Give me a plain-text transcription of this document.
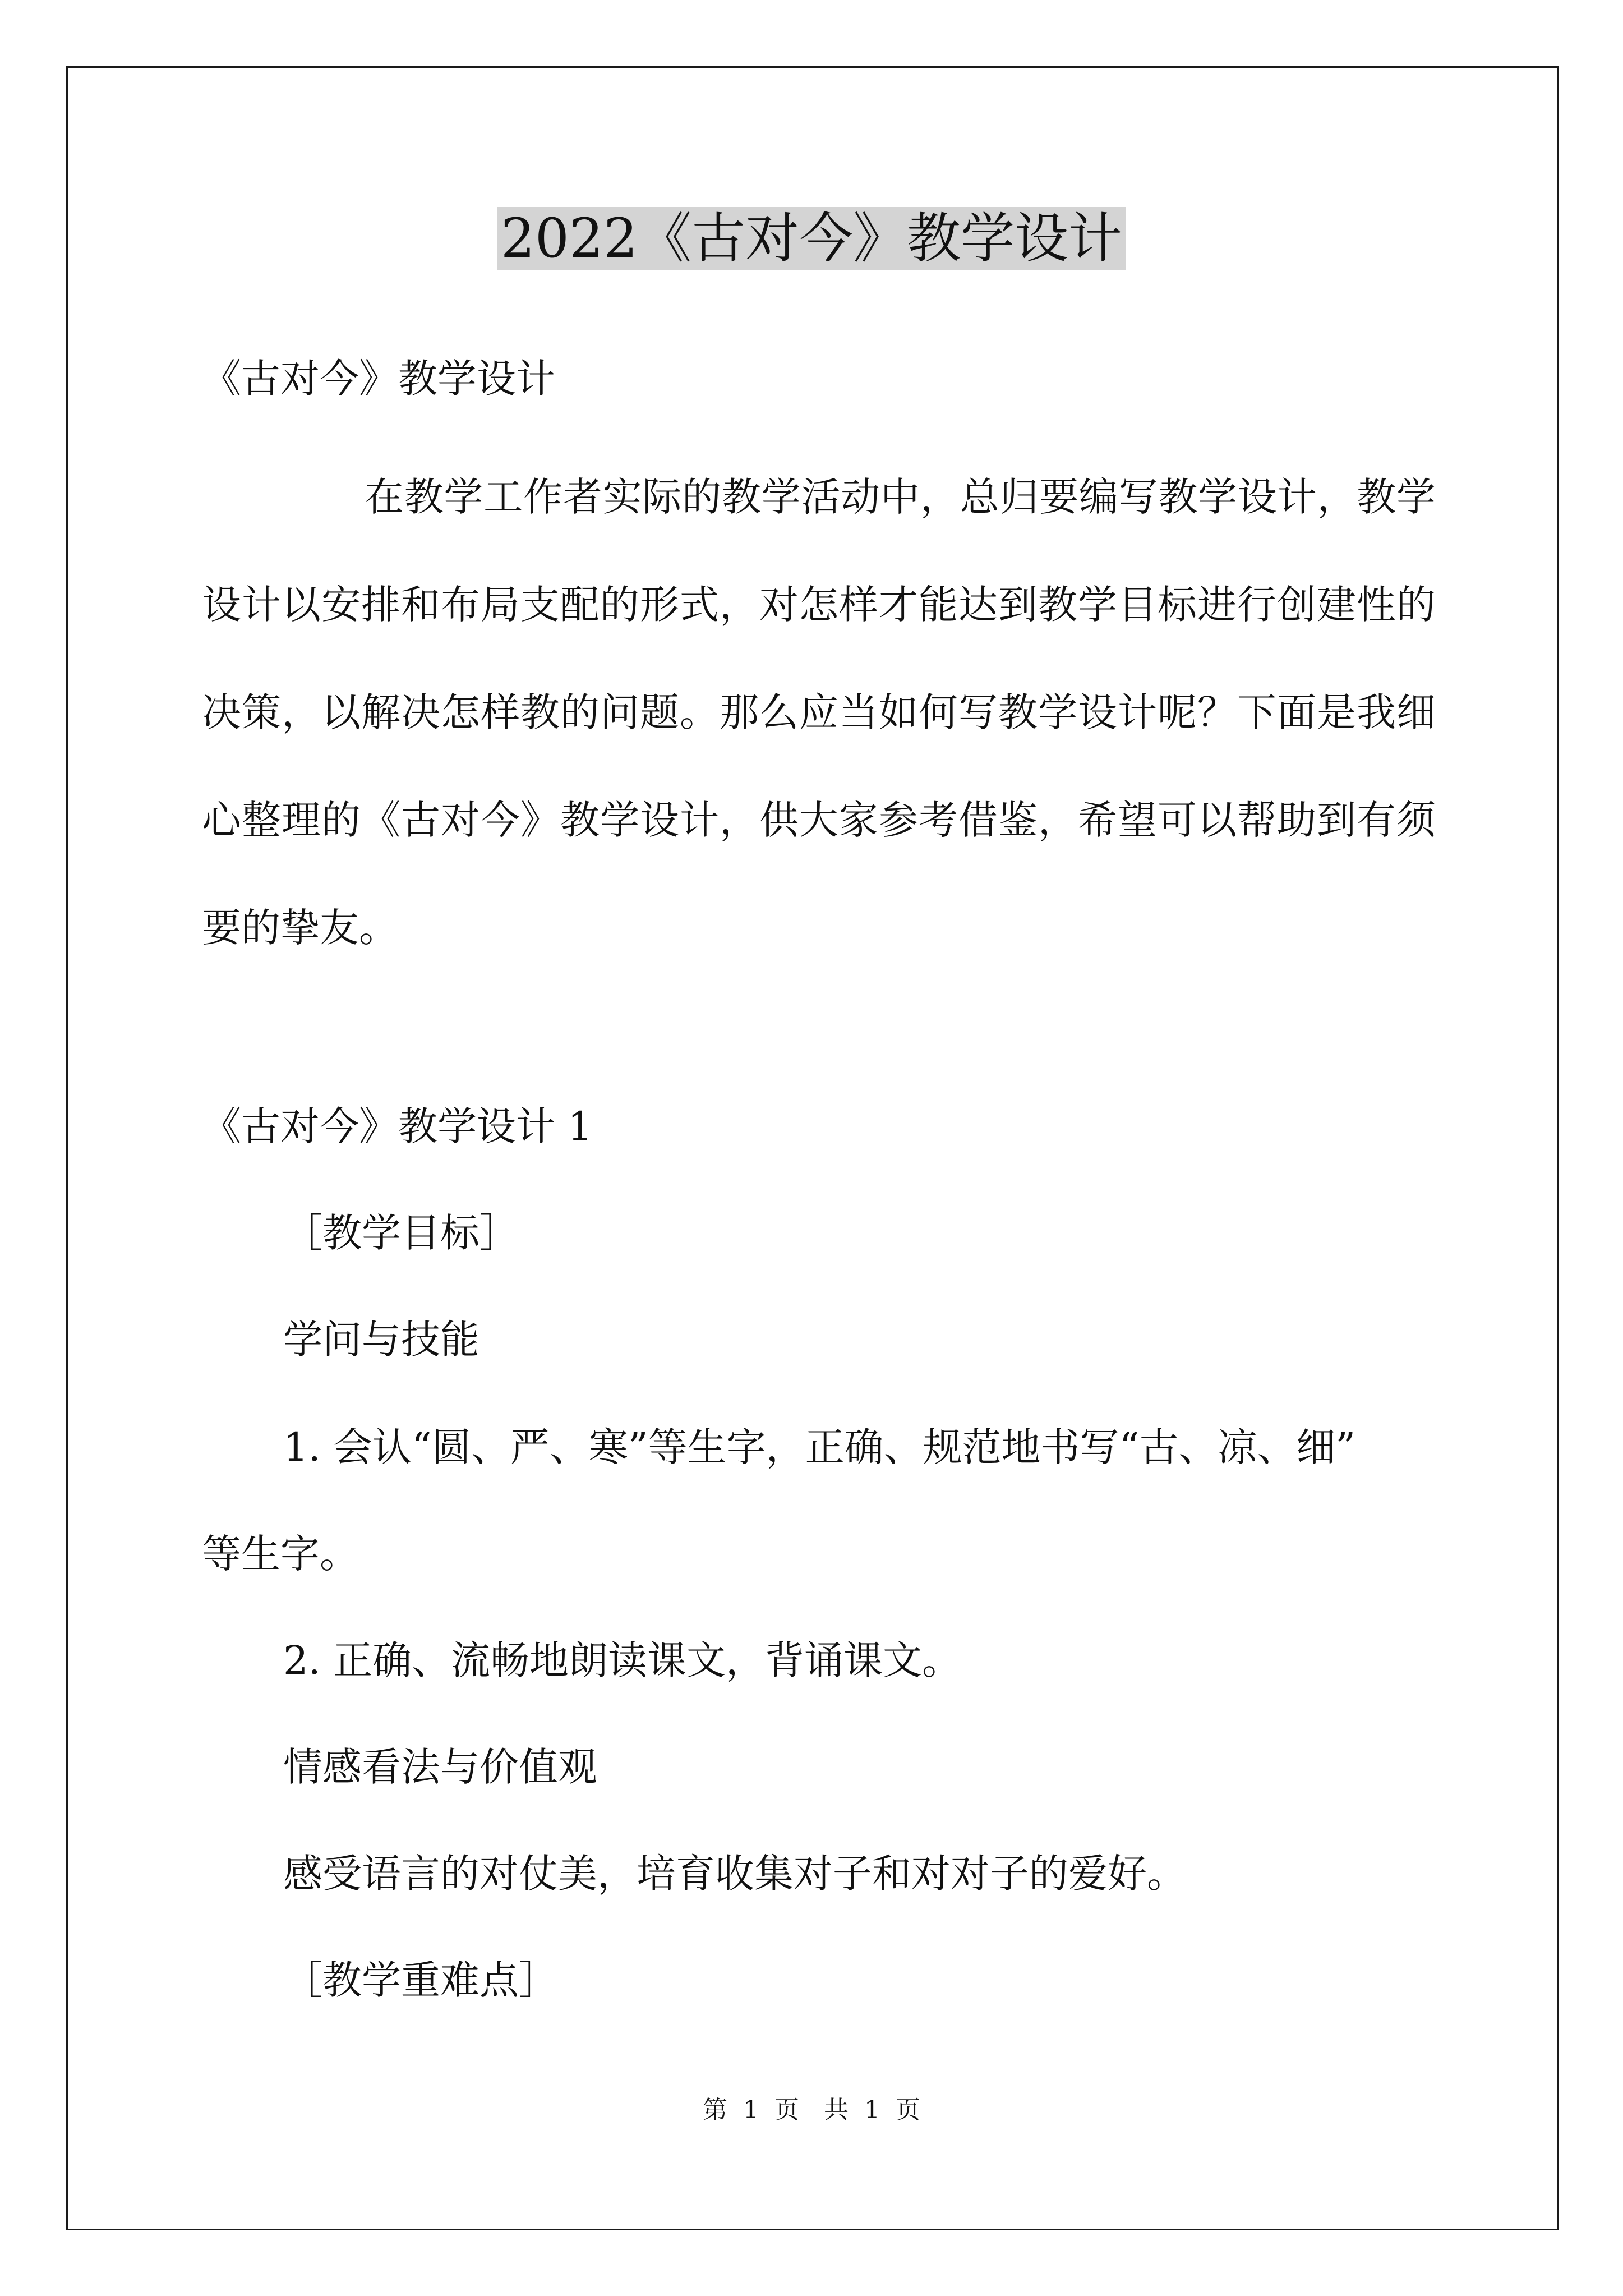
2022《古对今》教学设计
《古对今》教学设计
在教学工作者实际的教学活动中，总归要编写教学设计，教学设计以安排和布局支配的形式，对怎样才能达到教学目标进行创建性的决策，以解决怎样教的问题。那么应当如何写教学设计呢？下面是我细心整理的《古对今》教学设计，供大家参考借鉴，希望可以帮助到有须要的挚友。
《古对今》教学设计 1
［教学目标］
学问与技能
1. 会认“圆、严、寒”等生字，正确、规范地书写“古、凉、细”
等生字。
2. 正确、流畅地朗读课文，背诵课文。
情感看法与价值观
感受语言的对仗美，培育收集对子和对对子的爱好。
［教学重难点］
第 1 页　共 1 页
